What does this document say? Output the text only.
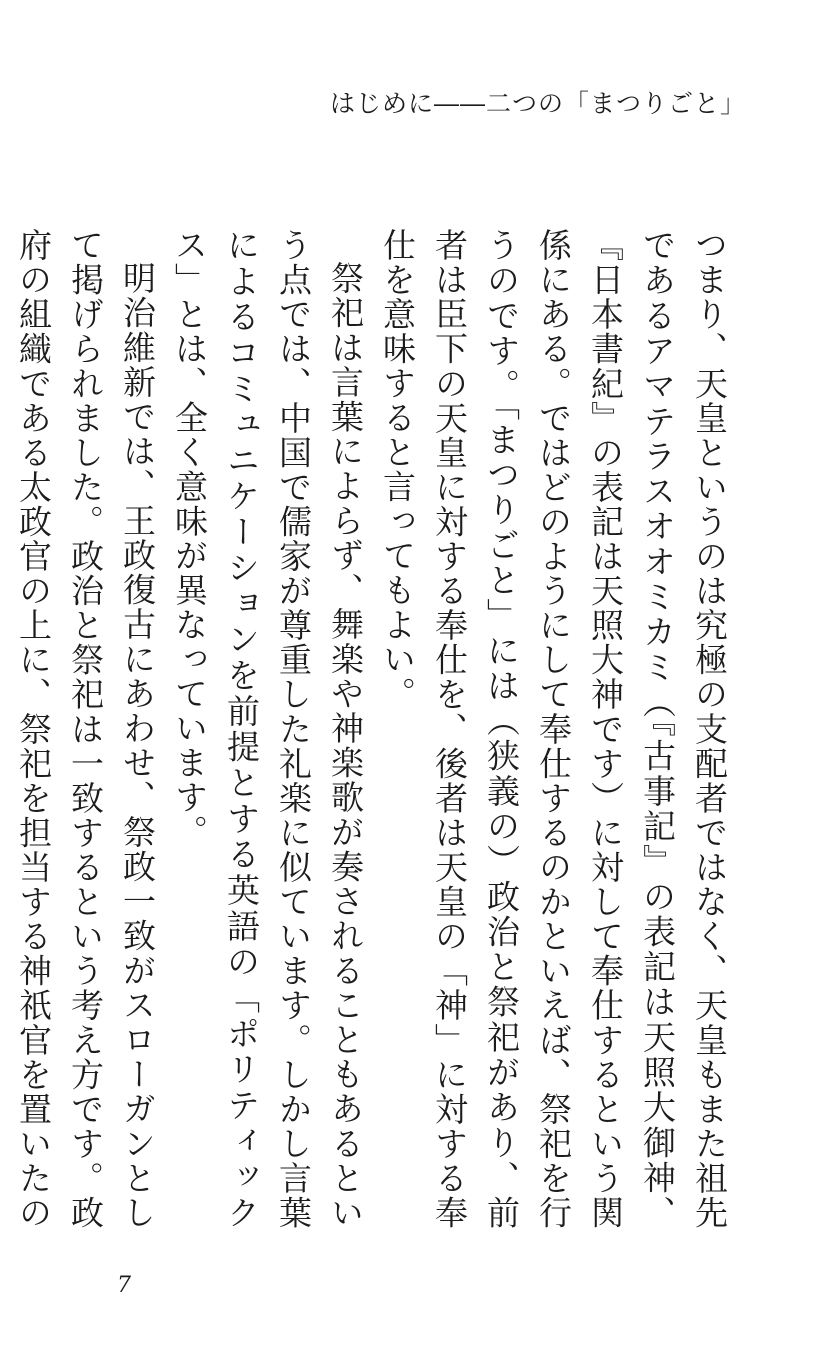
はじめに――二つの「まつりごと」

つまり、天皇というのは究極の支配者ではなく、天皇もまた祖先であるアマテラスオオミカミ（『古事記』の表記は天照大御神、『日本書紀』の表記は天照大神です）に対して奉仕するという関係にある。ではどのようにして奉仕するのかといえば、祭祀を行うのです。「まつりごと」には（狭義の）政治と祭祀があり、前者は臣下の天皇に対する奉仕を、後者は天皇の「神」に対する奉仕を意味すると言ってもよい。

祭祀は言葉によらず、舞楽や神楽歌が奏されることもあるという点では、中国で儒家が尊重した礼楽に似ています。しかし言葉によるコミュニケーションを前提とする英語の「ポリティックス」とは、全く意味が異なっています。

明治維新では、王政復古にあわせ、祭政一致がスローガンとして掲げられました。政治と祭祀は一致するという考え方です。政府の組織である太政官の上に、祭祀を担当する神祇官を置いたの

7
